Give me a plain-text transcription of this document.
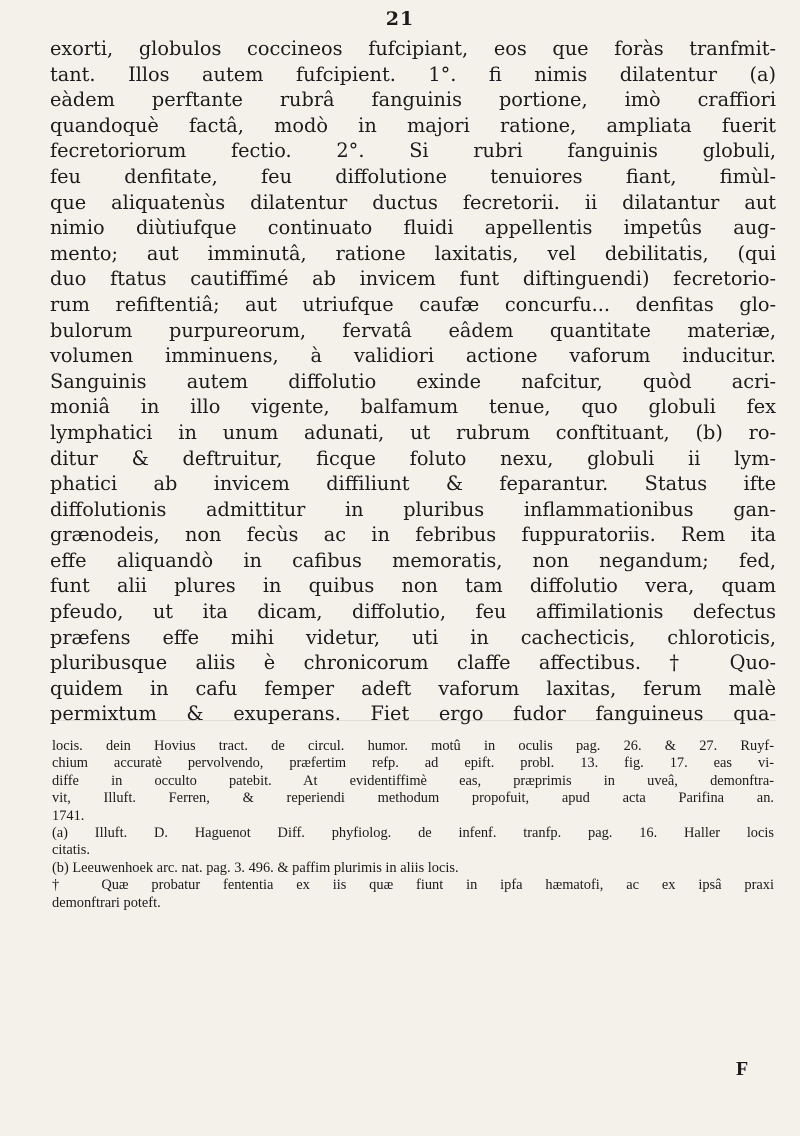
21
exorti, globulos coccineos fufcipiant, eos que foràs tranfmit-
tant. Illos autem fufcipient. 1°. fi nimis dilatentur (a)
eàdem perftante rubrâ fanguinis portione, imò craffiori
quandoquè factâ, modò in majori ratione, ampliata fuerit
fecretoriorum fectio. 2°. Si rubri fanguinis globuli,
feu denfitate, feu diffolutione tenuiores fiant, fimùl-
que aliquatenùs dilatentur ductus fecretorii. ii dilatantur aut
nimio diùtiufque continuato fluidi appellentis impetûs aug-
mento; aut imminutâ, ratione laxitatis, vel debilitatis, (qui
duo ftatus cautiffimé ab invicem funt diftinguendi) fecretorio-
rum refiftentiâ; aut utriufque caufæ concurfu... denfitas glo-
bulorum purpureorum, fervatâ eâdem quantitate materiæ,
volumen imminuens, à validiori actione vaforum inducitur.
Sanguinis autem diffolutio exinde nafcitur, quòd acri-
moniâ in illo vigente, balfamum tenue, quo globuli fex
lymphatici in unum adunati, ut rubrum conftituant, (b) ro-
ditur & deftruitur, ficque foluto nexu, globuli ii lym-
phatici ab invicem diffiliunt & feparantur. Status ifte
diffolutionis admittitur in pluribus inflammationibus gan-
grænodeis, non fecùs ac in febribus fuppuratoriis. Rem ita
effe aliquandò in cafibus memoratis, non negandum; fed,
funt alii plures in quibus non tam diffolutio vera, quam
pfeudo, ut ita dicam, diffolutio, feu affimilationis defectus
præfens effe mihi videtur, uti in cachecticis, chloroticis,
pluribusque aliis è chronicorum claffe affectibus. † Quo-
quidem in cafu femper adeft vaforum laxitas, ferum malè
permixtum & exuperans. Fiet ergo fudor fanguineus qua-
locis. dein Hovius tract. de circul. humor. motû in oculis pag. 26. & 27. Ruyf-
chium accuratè pervolvendo, præfertim refp. ad epift. probl. 13. fig. 17. eas vi-
diffe in occulto patebit. At evidentiffimè eas, præprimis in uveâ, demonftra-
vit, Illuft. Ferren, & reperiendi methodum propofuit, apud acta Parifina an.
1741.
(a) Illuft. D. Haguenot Diff. phyfiolog. de infenf. tranfp. pag. 16. Haller locis
citatis.
(b) Leeuwenhoek arc. nat. pag. 3. 496. & paffim plurimis in aliis locis.
† Quæ probatur fententia ex iis quæ fiunt in ipfa hæmatofi, ac ex ipsâ praxi
demonftrari poteft.
F
